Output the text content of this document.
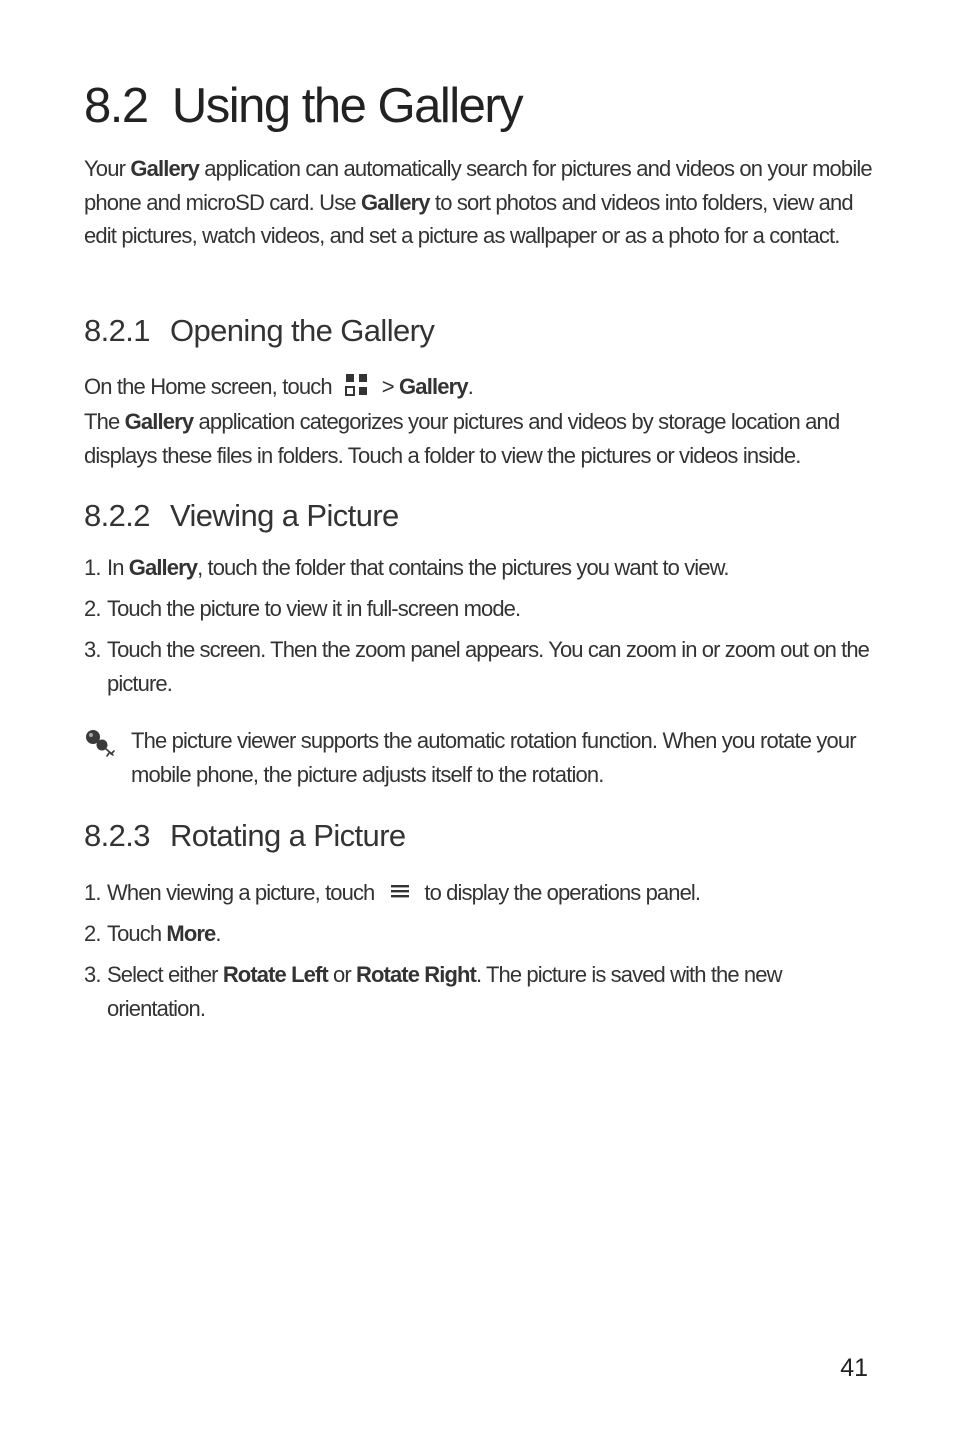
8.2 Using the Gallery

Your Gallery application can automatically search for pictures and videos on your mobile phone and microSD card. Use Gallery to sort photos and videos into folders, view and edit pictures, watch videos, and set a picture as wallpaper or as a photo for a contact.

8.2.1 Opening the Gallery
On the Home screen, touch > Gallery.

The Gallery application categorizes your pictures and videos by storage location and displays these files in folders. Touch a folder to view the pictures or videos inside.

8.2.2 Viewing a Picture
1. In Gallery, touch the folder that contains the pictures you want to view.
2. Touch the picture to view it in full-screen mode.
3. Touch the screen. Then the zoom panel appears. You can zoom in or zoom out on the picture.
The picture viewer supports the automatic rotation function. When you rotate your mobile phone, the picture adjusts itself to the rotation.
8.2.3 Rotating a Picture
1. When viewing a picture, touch to display the operations panel.
2. Touch More.
3. Select either Rotate Left or Rotate Right. The picture is saved with the new orientation.
41
